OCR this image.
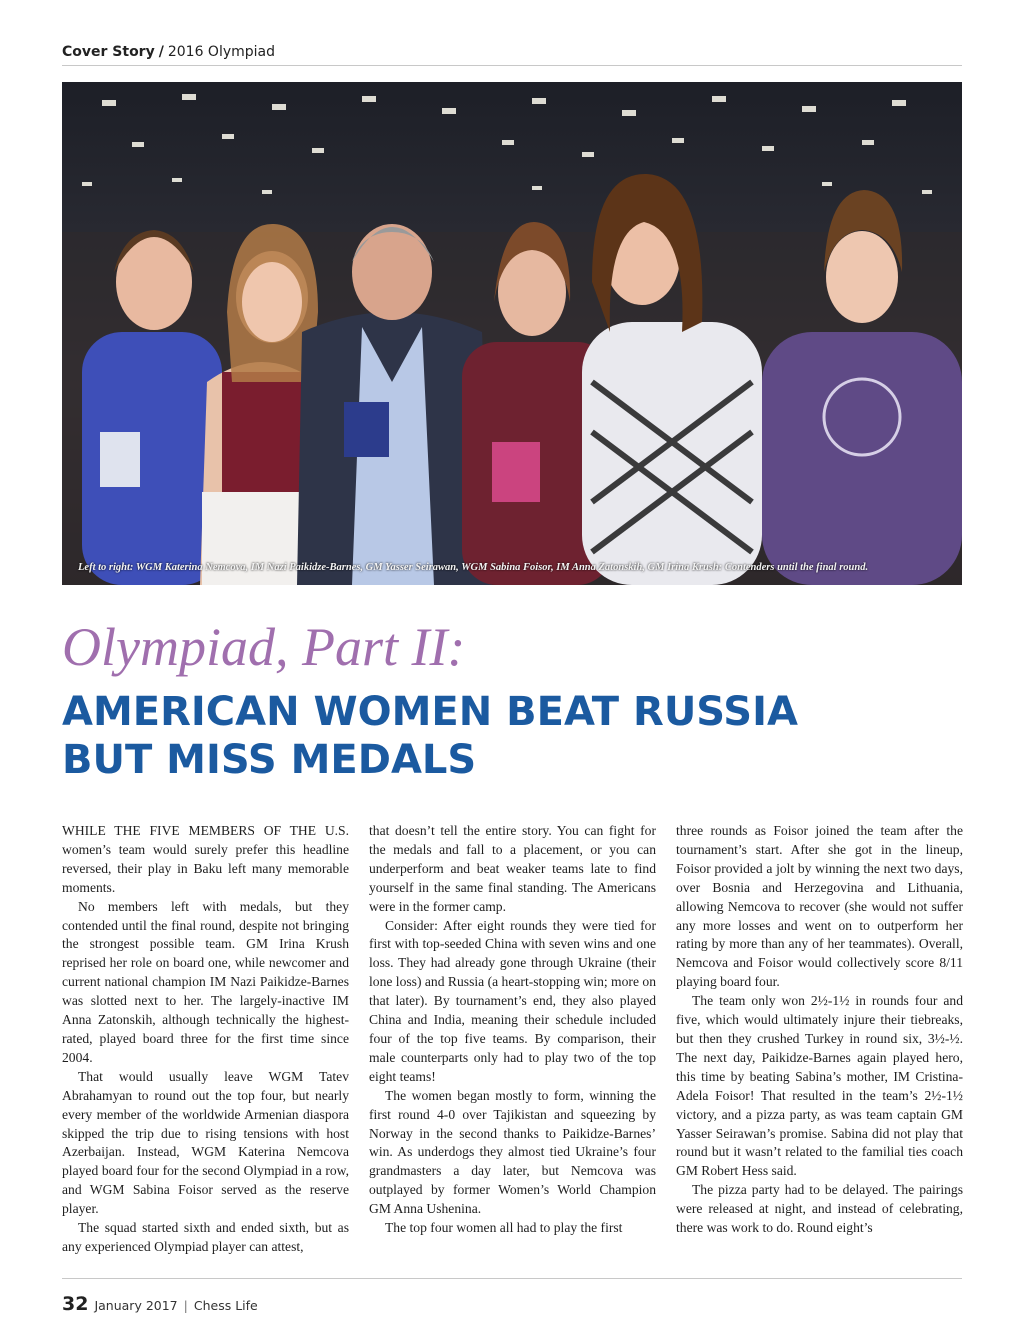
Cover Story / 2016 Olympiad
Left to right: WGM Katerina Nemcova, IM Nazi Paikidze-Barnes, GM Yasser Seirawan, WGM Sabina Foisor, IM Anna Zatonskih, GM Irina Krush: Contenders until the final round.
Olympiad, Part II:
AMERICAN WOMEN BEAT RUSSIA
BUT MISS MEDALS

WHILE THE FIVE MEMBERS OF THE U.S. women’s team would surely prefer this headline reversed, their play in Baku left many memorable moments.

No members left with medals, but they contended until the final round, despite not bringing the strongest possible team. GM Irina Krush reprised her role on board one, while newcomer and current national champion IM Nazi Paikidze-Barnes was slotted next to her. The largely-inactive IM Anna Zatonskih, although technically the highest-rated, played board three for the first time since 2004.

That would usually leave WGM Tatev Abrahamyan to round out the top four, but nearly every member of the worldwide Armenian diaspora skipped the trip due to rising tensions with host Azerbaijan. Instead, WGM Katerina Nemcova played board four for the second Olympiad in a row, and WGM Sabina Foisor served as the reserve player.

The squad started sixth and ended sixth, but as any experienced Olympiad player can attest,

that doesn’t tell the entire story. You can fight for the medals and fall to a placement, or you can underperform and beat weaker teams late to find yourself in the same final standing. The Americans were in the former camp.

Consider: After eight rounds they were tied for first with top-seeded China with seven wins and one loss. They had already gone through Ukraine (their lone loss) and Russia (a heart-stopping win; more on that later). By tournament’s end, they also played China and India, meaning their schedule included four of the top five teams. By comparison, their male counterparts only had to play two of the top eight teams!

The women began mostly to form, winning the first round 4-0 over Tajikistan and squeezing by Norway in the second thanks to Paikidze-Barnes’ win. As underdogs they almost tied Ukraine’s four grandmasters a day later, but Nemcova was outplayed by former Women’s World Champion GM Anna Ushenina.

The top four women all had to play the first

three rounds as Foisor joined the team after the tournament’s start. After she got in the lineup, Foisor provided a jolt by winning the next two days, over Bosnia and Herzegovina and Lithuania, allowing Nemcova to recover (she would not suffer any more losses and went on to outperform her rating by more than any of her teammates). Overall, Nemcova and Foisor would collectively score 8/11 playing board four.

The team only won 2½-1½ in rounds four and five, which would ultimately injure their tiebreaks, but then they crushed Turkey in round six, 3½-½. The next day, Paikidze-Barnes again played hero, this time by beating Sabina’s mother, IM Cristina-Adela Foisor! That resulted in the team’s 2½-1½ victory, and a pizza party, as was team captain GM Yasser Seirawan’s promise. Sabina did not play that round but it wasn’t related to the familial ties coach GM Robert Hess said.

The pizza party had to be delayed. The pairings were released at night, and instead of celebrating, there was work to do. Round eight’s

32 January 2017 | Chess Life
